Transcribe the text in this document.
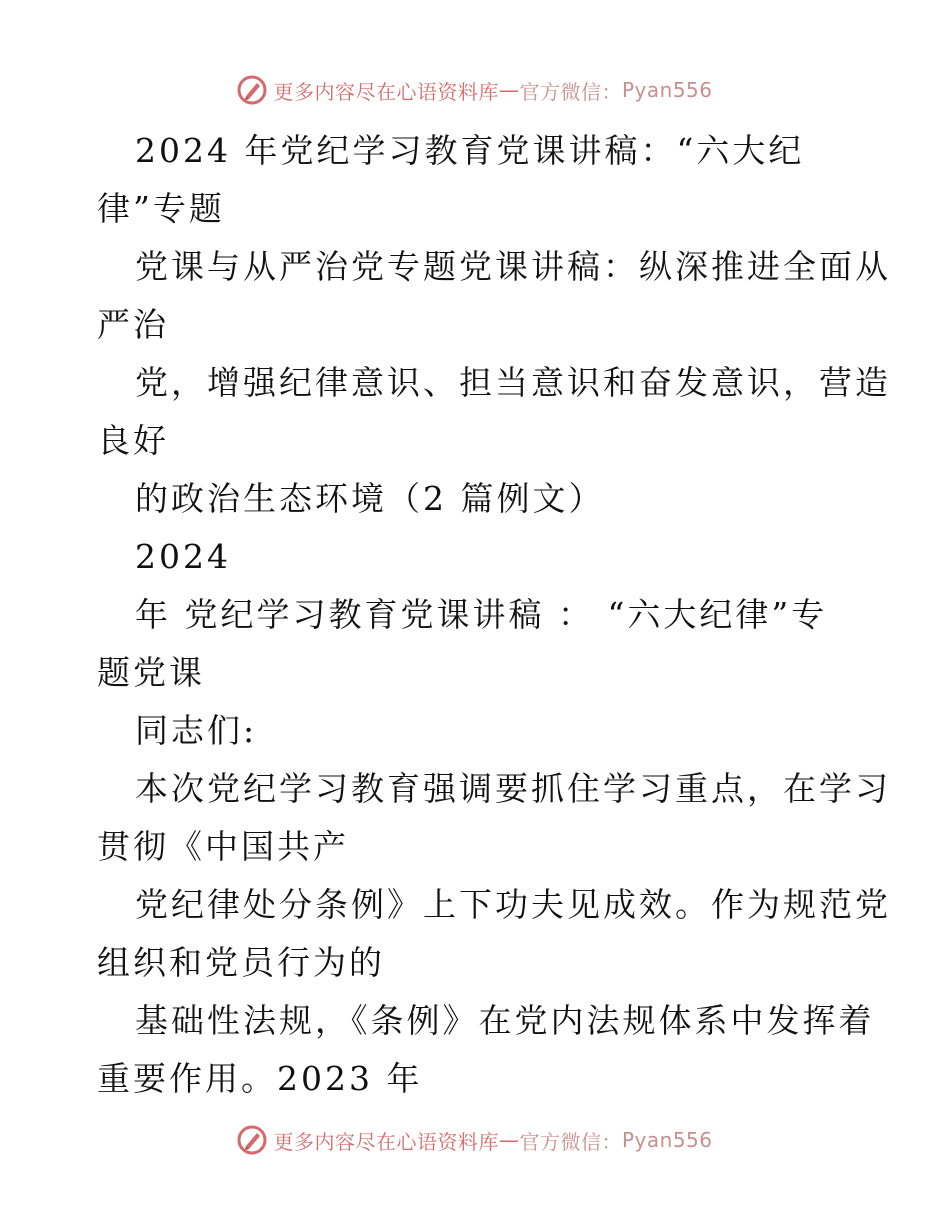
更多内容尽在心语资料库 — 官方微信： Pyan556
2024 年党纪学习教育党课讲稿：“六大纪
律”专题
党课与从严治党专题党课讲稿：纵深推进全面从
严治
党，增强纪律意识、担当意识和奋发意识，营造
良好
的政治生态环境（2 篇例文）
2024
年 党纪学习教育党课讲稿 ： “六大纪律”专
题党课
同志们:
本次党纪学习教育强调要抓住学习重点，在学习
贯彻《中国共产
党纪律处分条例》上下功夫见成效。作为规范党
组织和党员行为的
基础性法规，《条例》在党内法规体系中发挥着
重要作用。2023 年
更多内容尽在心语资料库 — 官方微信： Pyan556
